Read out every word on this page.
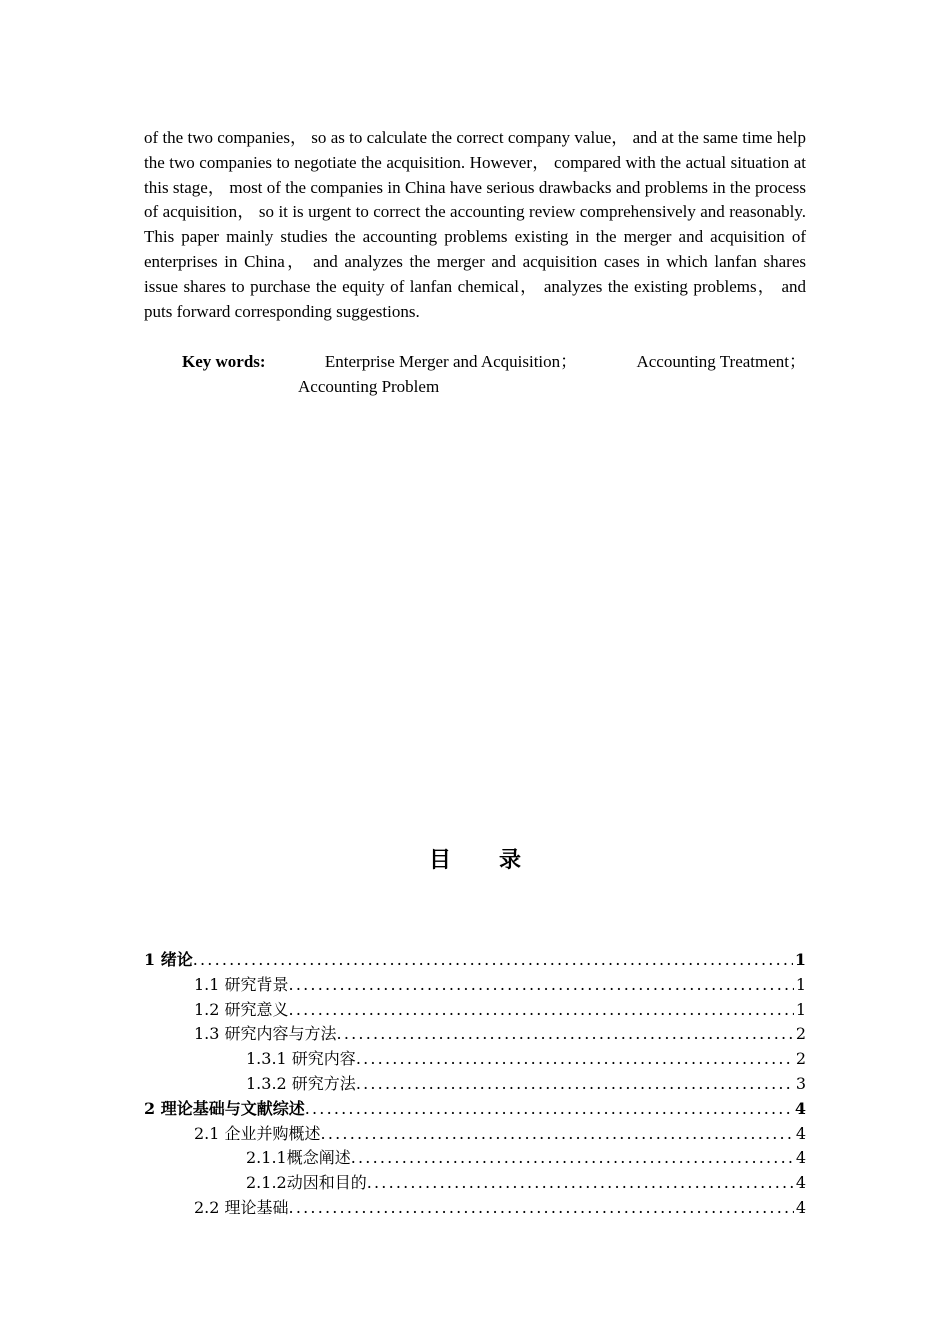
of the two companies， so as to calculate the correct company value， and at the same time help the two companies to negotiate the acquisition. However， compared with the actual situation at this stage， most of the companies in China have serious drawbacks and problems in the process of acquisition， so it is urgent to correct the accounting review comprehensively and reasonably. This paper mainly studies the accounting problems existing in the merger and acquisition of enterprises in China， and analyzes the merger and acquisition cases in which lanfan shares issue shares to purchase the equity of lanfan chemical， analyzes the existing problems， and puts forward corresponding suggestions.

Key words:	Enterprise Merger and Acquisition；	Accounting Treatment；
Accounting Problem
目录
1 绪论 .....	1
1.1 研究背景 .....	1
1.2 研究意义 .....	1
1.3 研究内容与方法 .....	2
1.3.1 研究内容 .....	2
1.3.2 研究方法 .....	3
2 理论基础与文献综述 .....	4
2.1 企业并购概述 .....	4
2.1.1概念阐述 .....	4
2.1.2动因和目的 .....	4
2.2 理论基础 .....	4
